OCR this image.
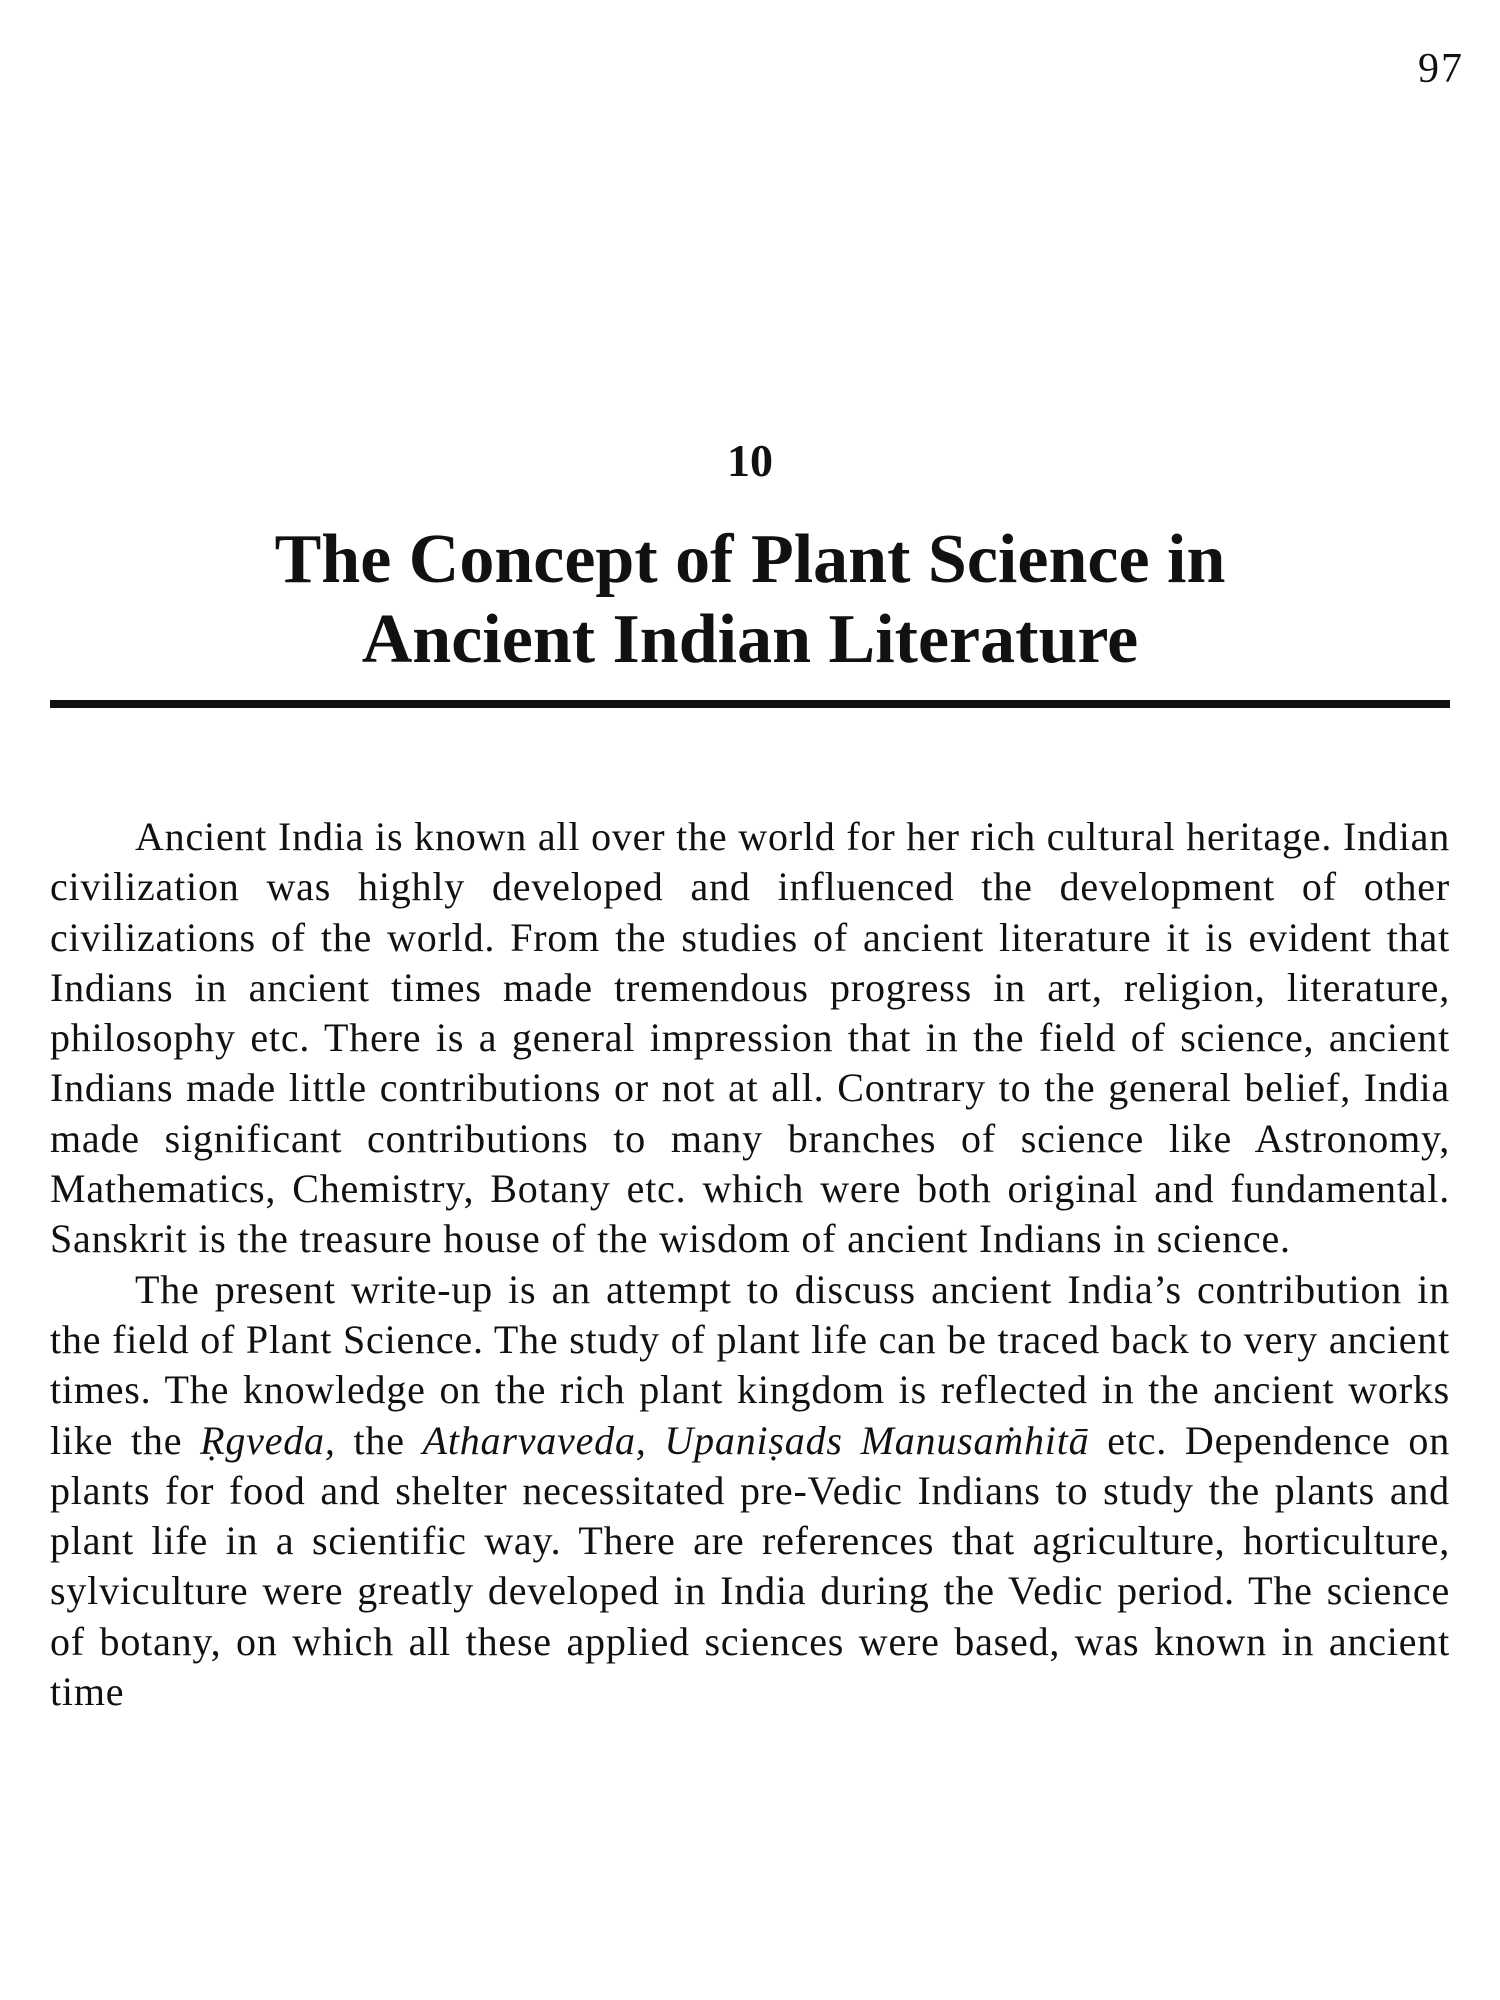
97
10
The Concept of Plant Science in
Ancient Indian Literature

Ancient India is known all over the world for her rich cultural heritage. Indian civilization was highly developed and influenced the development of other civilizations of the world. From the studies of ancient literature it is evident that Indians in ancient times made tremendous progress in art, religion, literature, philosophy etc. There is a general impression that in the field of science, ancient Indians made little contributions or not at all. Contrary to the general belief, India made significant contributions to many branches of science like Astronomy, Mathematics, Chemistry, Botany etc. which were both original and fundamental. Sanskrit is the treasure house of the wisdom of ancient Indians in science.

The present write-up is an attempt to discuss ancient India’s contribution in the field of Plant Science. The study of plant life can be traced back to very ancient times. The knowledge on the rich plant kingdom is reflected in the ancient works like the Ṛgveda, the Atharvaveda, Upaniṣads Manusaṁhitā etc. Dependence on plants for food and shelter necessitated pre-Vedic Indians to study the plants and plant life in a scientific way. There are references that agriculture, horticulture, sylviculture were greatly developed in India during the Vedic period. The science of botany, on which all these applied sciences were based, was known in ancient time
